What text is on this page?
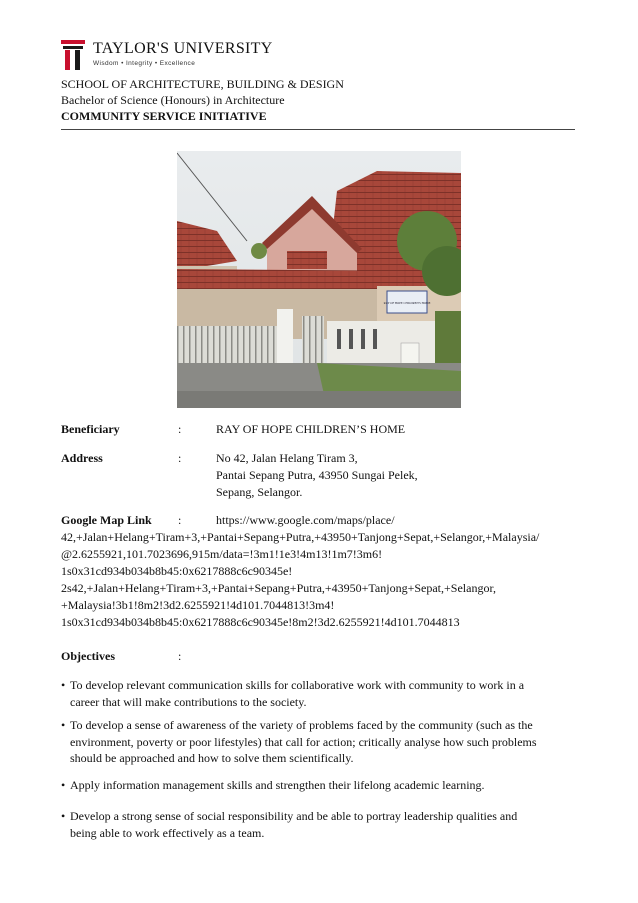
TAYLOR'S UNIVERSITY
Wisdom • Integrity • Excellence
SCHOOL OF ARCHITECTURE, BUILDING & DESIGN
Bachelor of Science (Honours) in Architecture
COMMUNITY SERVICE INITIATIVE
RAY OF HOPE CHILDREN'S HOME
Beneficiary	:	RAY OF HOPE CHILDREN’S HOME
Address	:	No 42, Jalan Helang Tiram 3,
Pantai Sepang Putra, 43950 Sungai Pelek,
Sepang, Selangor.
Google Map Link :	https://www.google.com/maps/place/
42,+Jalan+Helang+Tiram+3,+Pantai+Sepang+Putra,+43950+Tanjong+Sepat,+Selangor,+Malaysia/
@2.6255921,101.7023696,915m/data=!3m1!1e3!4m13!1m7!3m6!
1s0x31cd934b034b8b45:0x6217888c6c90345e!
2s42,+Jalan+Helang+Tiram+3,+Pantai+Sepang+Putra,+43950+Tanjong+Sepat,+Selangor,
+Malaysia!3b1!8m2!3d2.6255921!4d101.7044813!3m4!
1s0x31cd934b034b8b45:0x6217888c6c90345e!8m2!3d2.6255921!4d101.7044813
Objectives	:
• To develop relevant communication skills for collaborative work with community to work in a
career that will make contributions to the society.
• To develop a sense of awareness of the variety of problems faced by the community (such as the
environment, poverty or poor lifestyles) that call for action; critically analyse how such problems
should be approached and how to solve them scientifically.
• Apply information management skills and strengthen their lifelong academic learning.
• Develop a strong sense of social responsibility and be able to portray leadership qualities and
being able to work effectively as a team.
